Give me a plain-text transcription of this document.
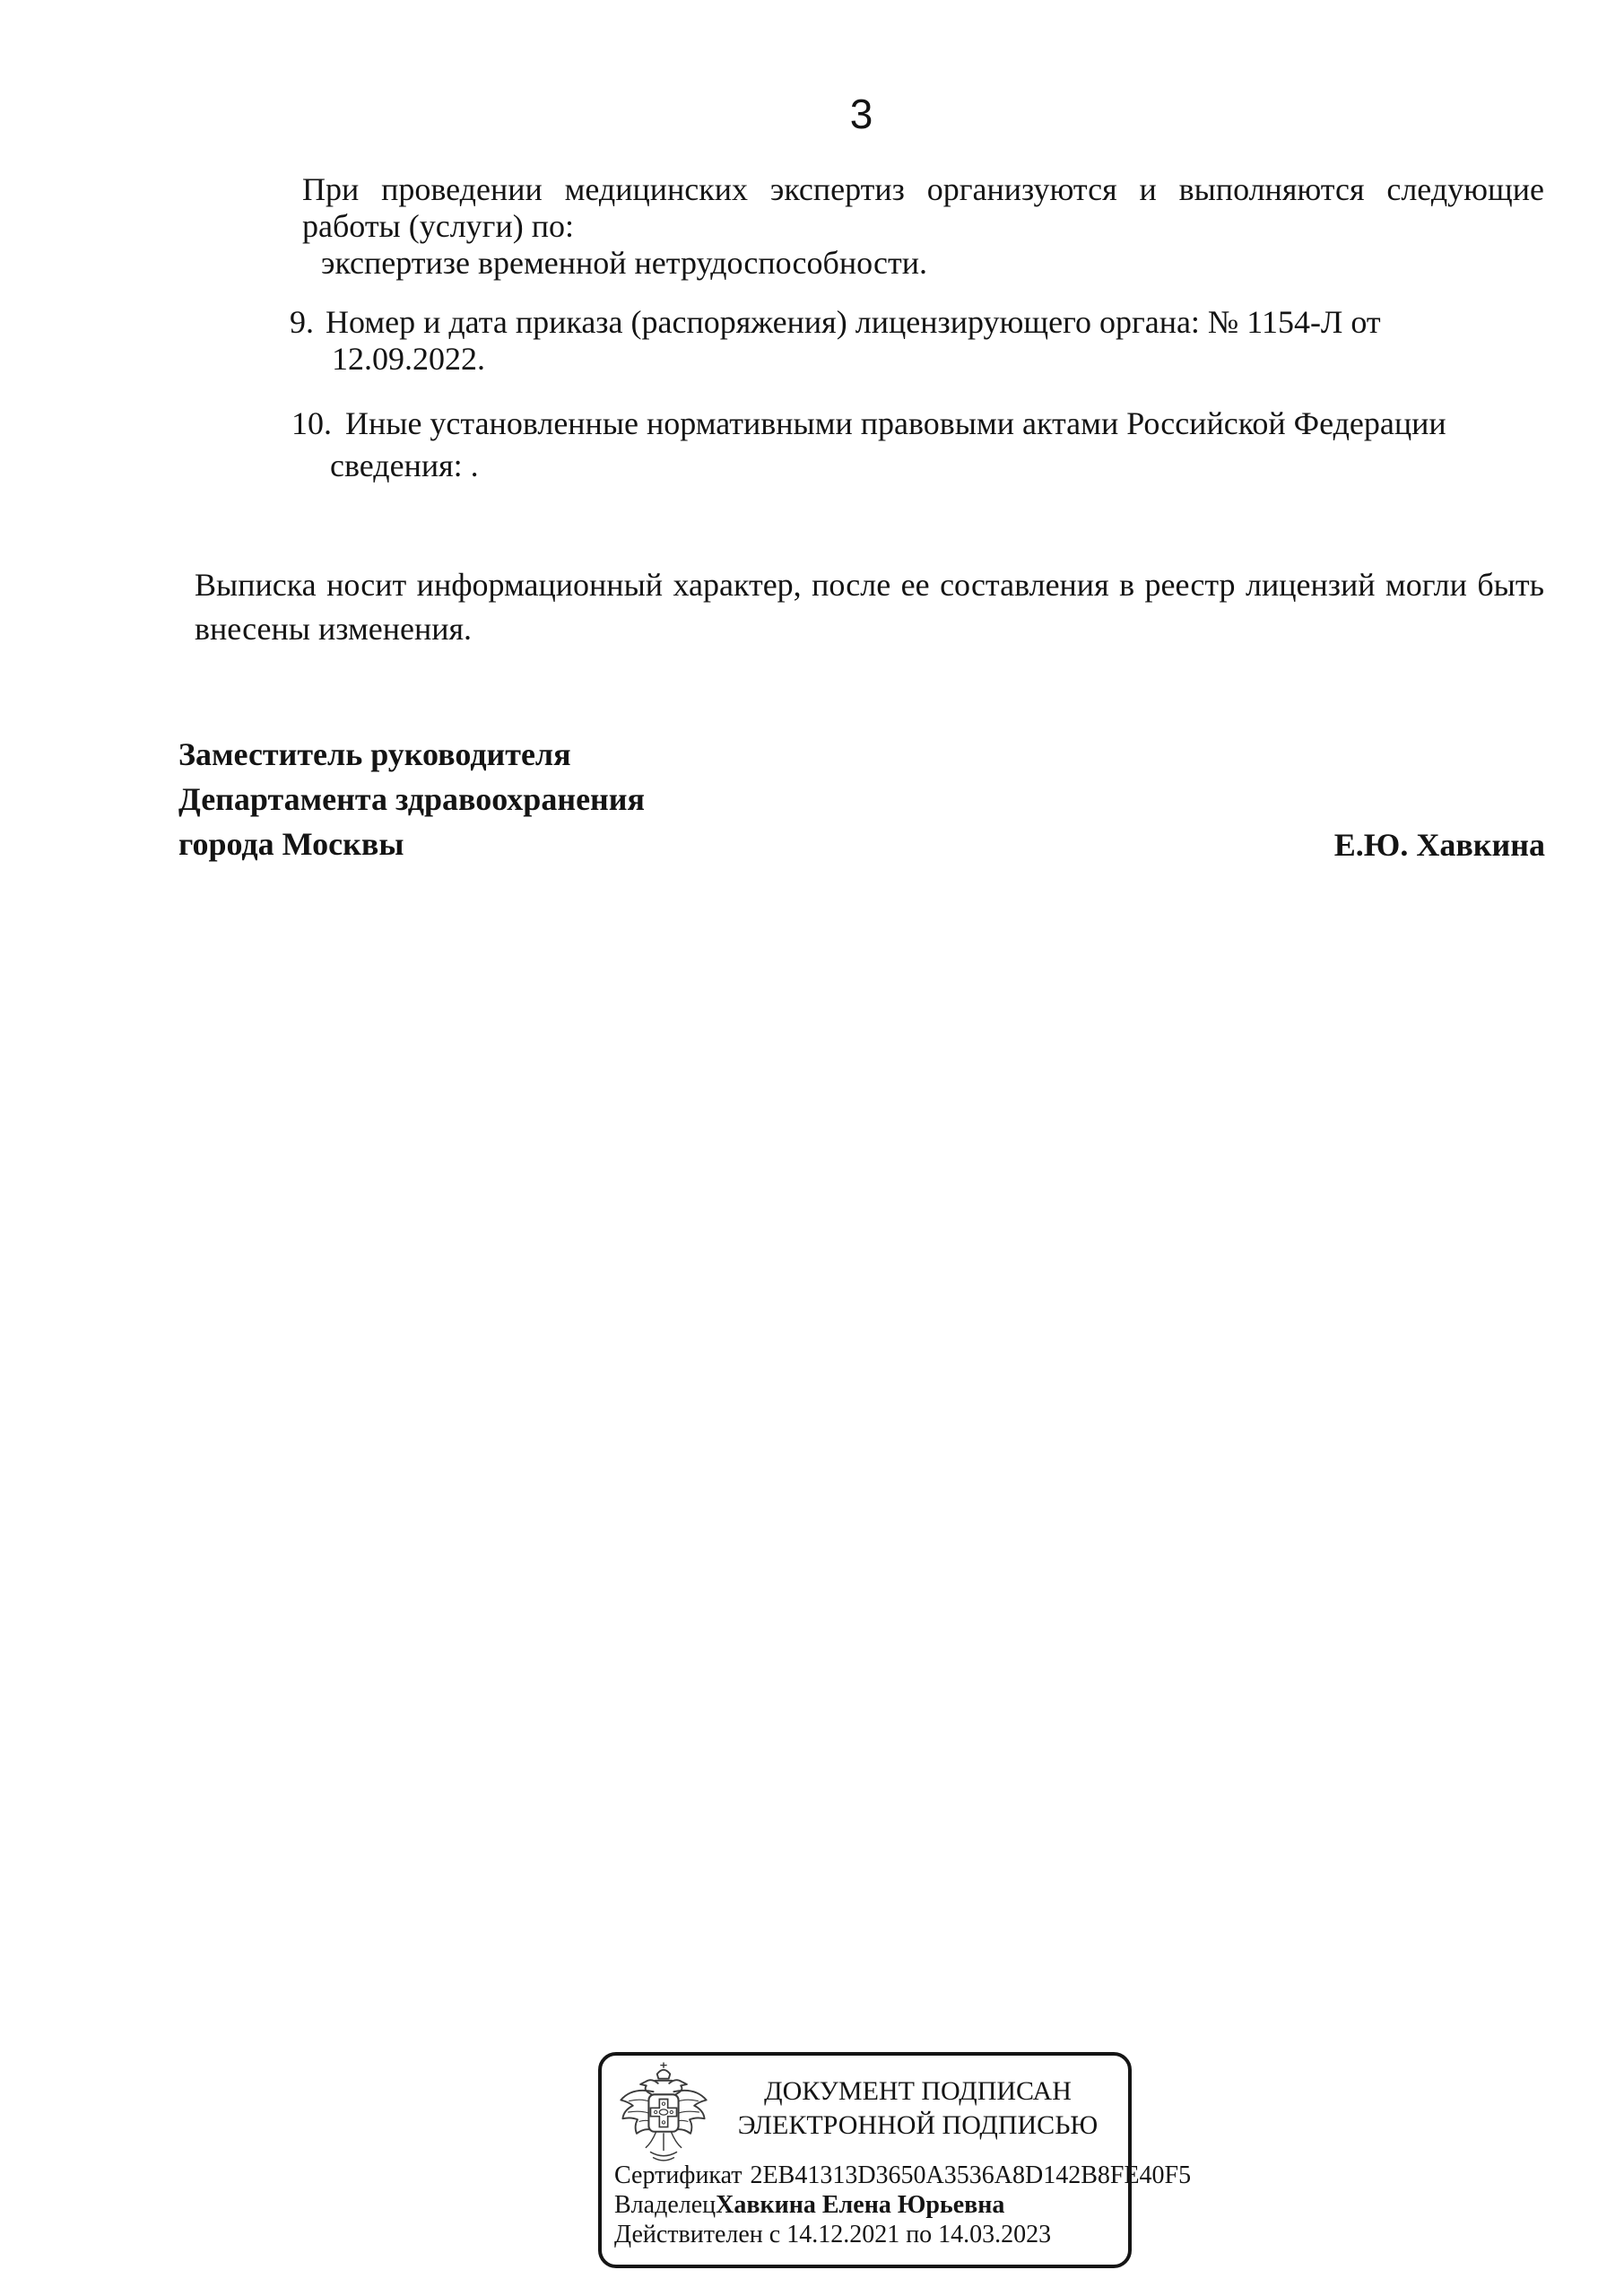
3
При проведении медицинских экспертиз организуются и выполняются следующие
работы (услуги) по:
экспертизе временной нетрудоспособности.
9. Номер и дата приказа (распоряжения) лицензирующего органа: № 1154-Л от
12.09.2022.
10. Иные установленные нормативными правовыми актами Российской Федерации
сведения: .
Выписка носит информационный характер, после ее составления в реестр лицензий могли быть
внесены изменения.
Заместитель руководителя
Департамента здравоохранения
города Москвы	Е.Ю. Хавкина
ДОКУМЕНТ ПОДПИСАН
ЭЛЕКТРОННОЙ ПОДПИСЬЮ
Сертификат 2EB41313D3650A3536A8D142B8FE40F5
ВладелецХавкина Елена Юрьевна
Действителен с 14.12.2021 по 14.03.2023
